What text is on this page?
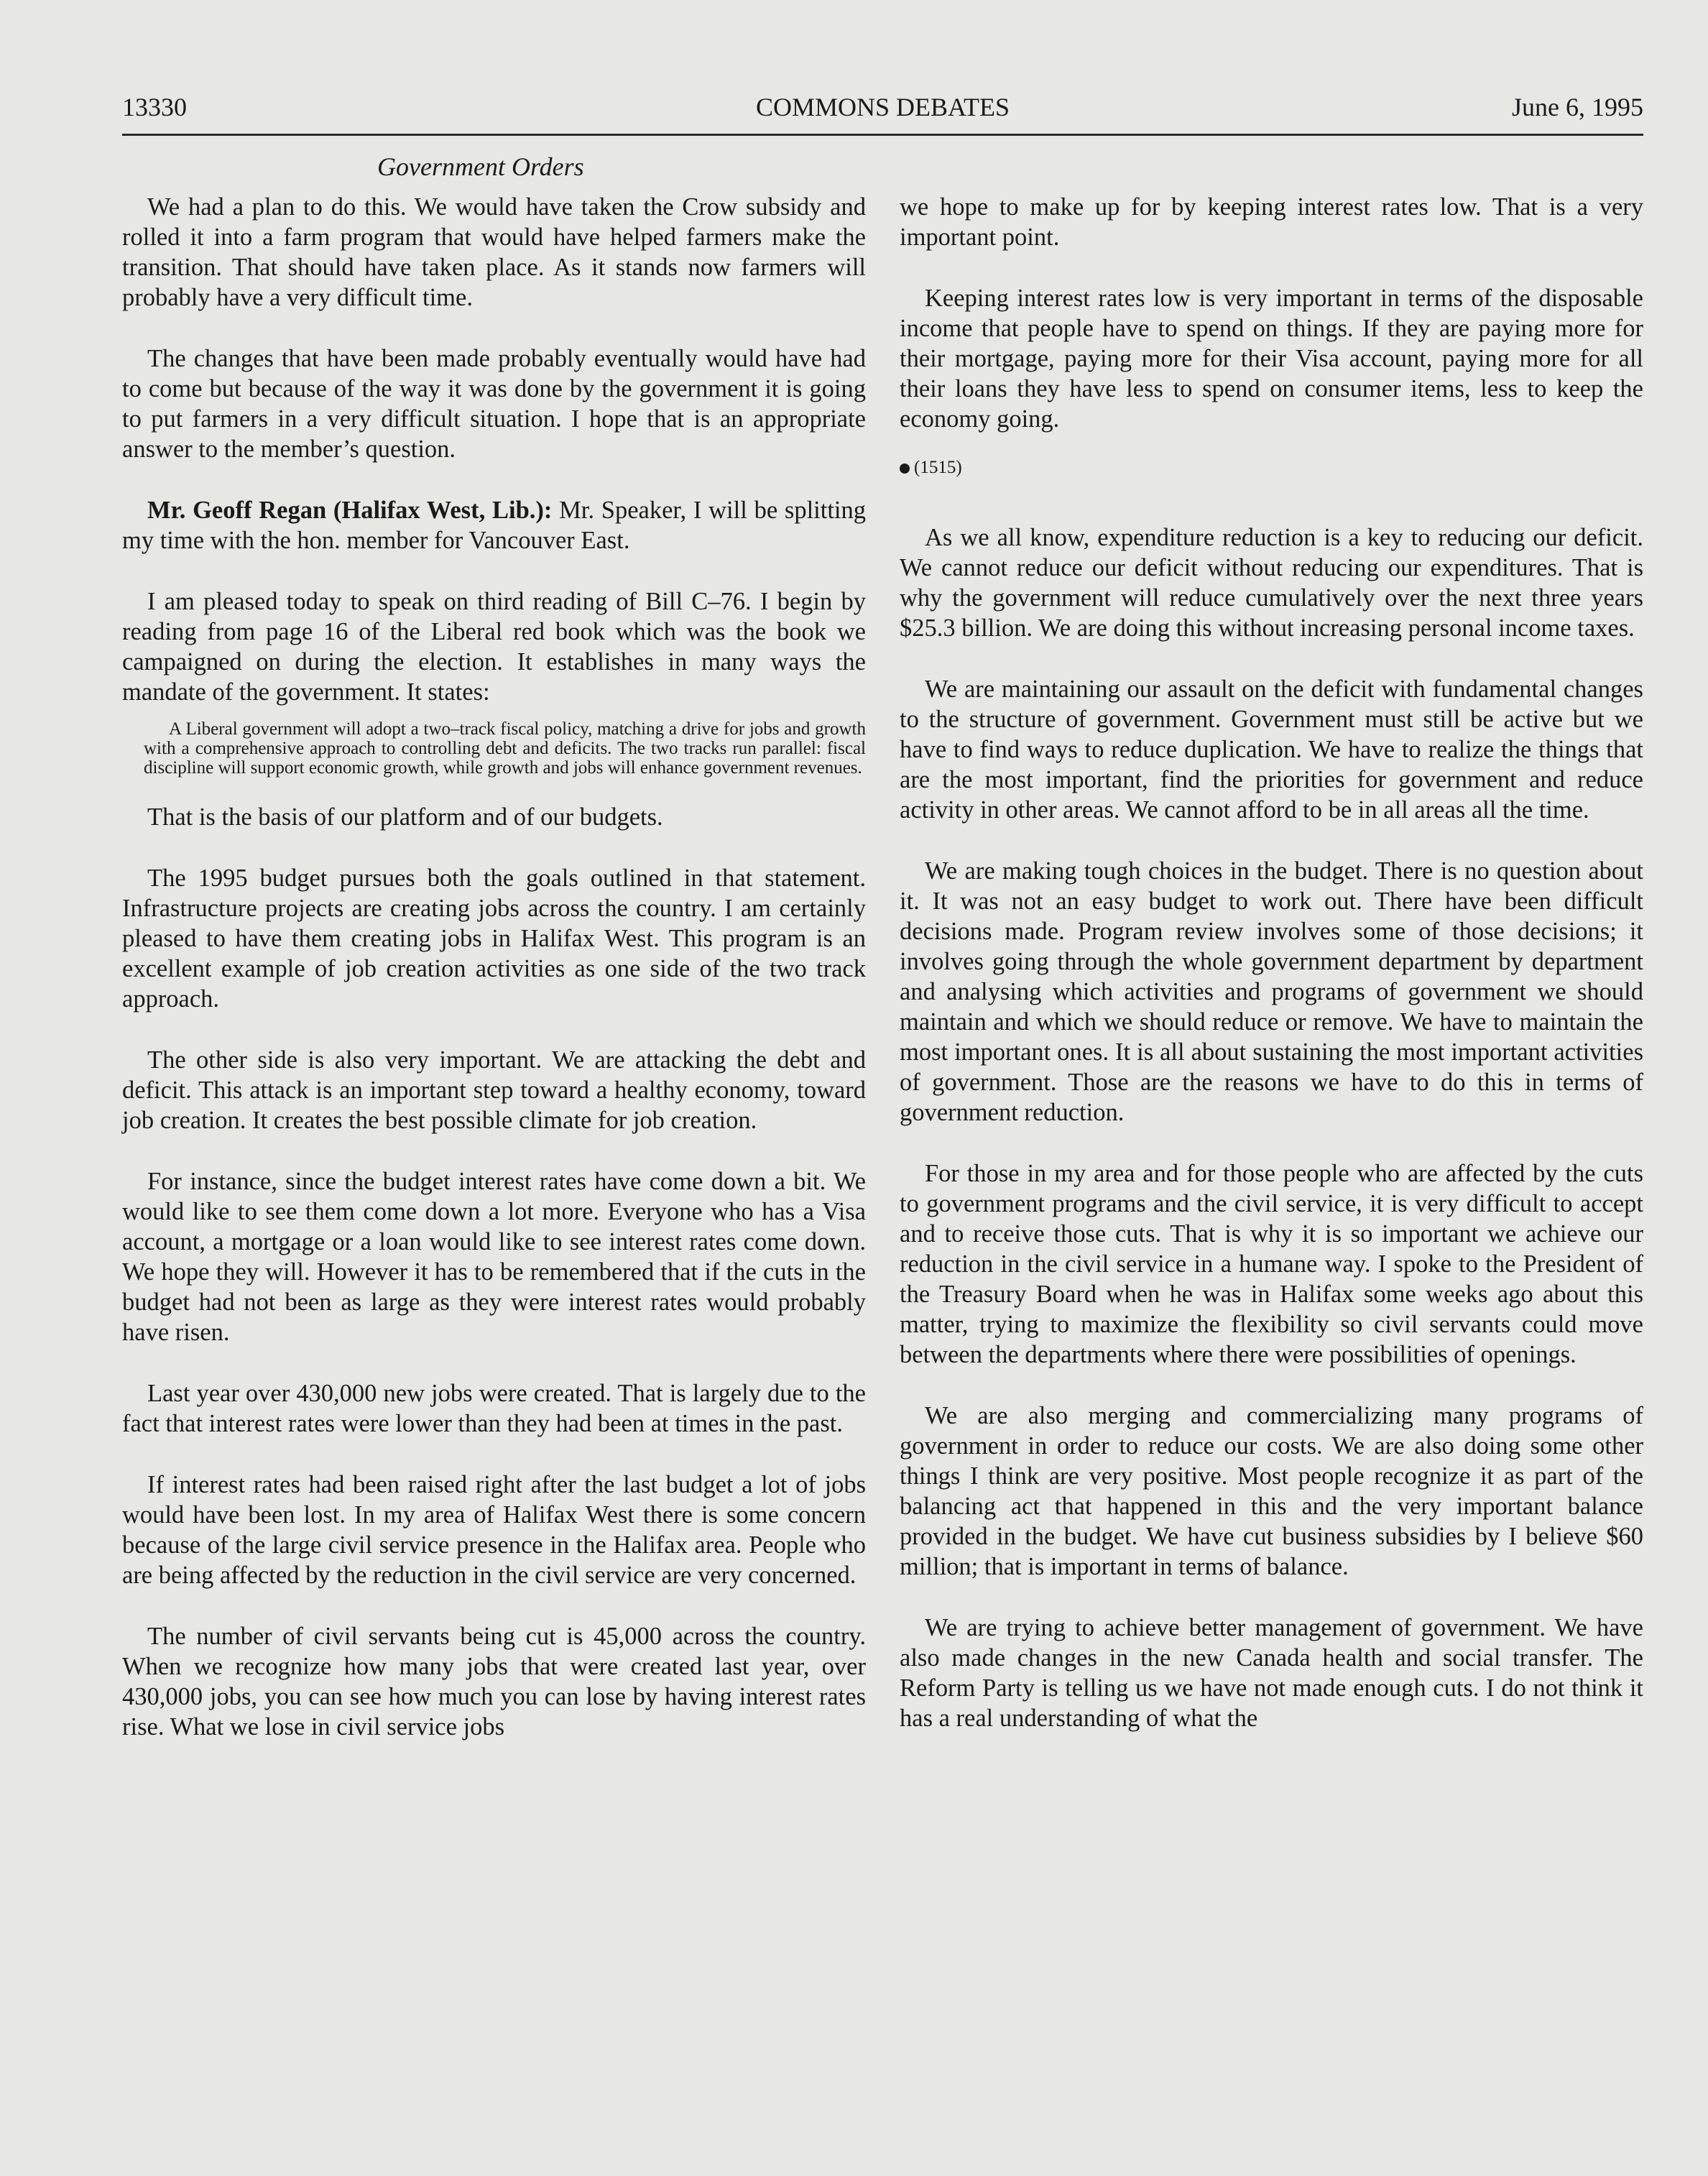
13330	COMMONS DEBATES	June 6, 1995
Government Orders

We had a plan to do this. We would have taken the Crow subsidy and rolled it into a farm program that would have helped farmers make the transition. That should have taken place. As it stands now farmers will probably have a very difficult time.

The changes that have been made probably eventually would have had to come but because of the way it was done by the government it is going to put farmers in a very difficult situation. I hope that is an appropriate answer to the member’s question.

Mr. Geoff Regan (Halifax West, Lib.): Mr. Speaker, I will be splitting my time with the hon. member for Vancouver East.

I am pleased today to speak on third reading of Bill C–76. I begin by reading from page 16 of the Liberal red book which was the book we campaigned on during the election. It establishes in many ways the mandate of the government. It states:

A Liberal government will adopt a two–track fiscal policy, matching a drive for jobs and growth with a comprehensive approach to controlling debt and deficits. The two tracks run parallel: fiscal discipline will support economic growth, while growth and jobs will enhance government revenues.

That is the basis of our platform and of our budgets.

The 1995 budget pursues both the goals outlined in that statement. Infrastructure projects are creating jobs across the country. I am certainly pleased to have them creating jobs in Halifax West. This program is an excellent example of job creation activities as one side of the two track approach.

The other side is also very important. We are attacking the debt and deficit. This attack is an important step toward a healthy economy, toward job creation. It creates the best possible climate for job creation.

For instance, since the budget interest rates have come down a bit. We would like to see them come down a lot more. Everyone who has a Visa account, a mortgage or a loan would like to see interest rates come down. We hope they will. However it has to be remembered that if the cuts in the budget had not been as large as they were interest rates would probably have risen.

Last year over 430,000 new jobs were created. That is largely due to the fact that interest rates were lower than they had been at times in the past.

If interest rates had been raised right after the last budget a lot of jobs would have been lost. In my area of Halifax West there is some concern because of the large civil service presence in the Halifax area. People who are being affected by the reduction in the civil service are very concerned.

The number of civil servants being cut is 45,000 across the country. When we recognize how many jobs that were created last year, over 430,000 jobs, you can see how much you can lose by having interest rates rise. What we lose in civil service jobs

we hope to make up for by keeping interest rates low. That is a very important point.

Keeping interest rates low is very important in terms of the disposable income that people have to spend on things. If they are paying more for their mortgage, paying more for their Visa account, paying more for all their loans they have less to spend on consumer items, less to keep the economy going.

(1515)

As we all know, expenditure reduction is a key to reducing our deficit. We cannot reduce our deficit without reducing our expenditures. That is why the government will reduce cumulatively over the next three years $25.3 billion. We are doing this without increasing personal income taxes.

We are maintaining our assault on the deficit with fundamental changes to the structure of government. Government must still be active but we have to find ways to reduce duplication. We have to realize the things that are the most important, find the priorities for government and reduce activity in other areas. We cannot afford to be in all areas all the time.

We are making tough choices in the budget. There is no question about it. It was not an easy budget to work out. There have been difficult decisions made. Program review involves some of those decisions; it involves going through the whole government department by department and analysing which activities and programs of government we should maintain and which we should reduce or remove. We have to maintain the most important ones. It is all about sustaining the most important activities of government. Those are the reasons we have to do this in terms of government reduction.

For those in my area and for those people who are affected by the cuts to government programs and the civil service, it is very difficult to accept and to receive those cuts. That is why it is so important we achieve our reduction in the civil service in a humane way. I spoke to the President of the Treasury Board when he was in Halifax some weeks ago about this matter, trying to maximize the flexibility so civil servants could move between the departments where there were possibilities of openings.

We are also merging and commercializing many programs of government in order to reduce our costs. We are also doing some other things I think are very positive. Most people recognize it as part of the balancing act that happened in this and the very important balance provided in the budget. We have cut business subsidies by I believe $60 million; that is important in terms of balance.

We are trying to achieve better management of government. We have also made changes in the new Canada health and social transfer. The Reform Party is telling us we have not made enough cuts. I do not think it has a real understanding of what the
